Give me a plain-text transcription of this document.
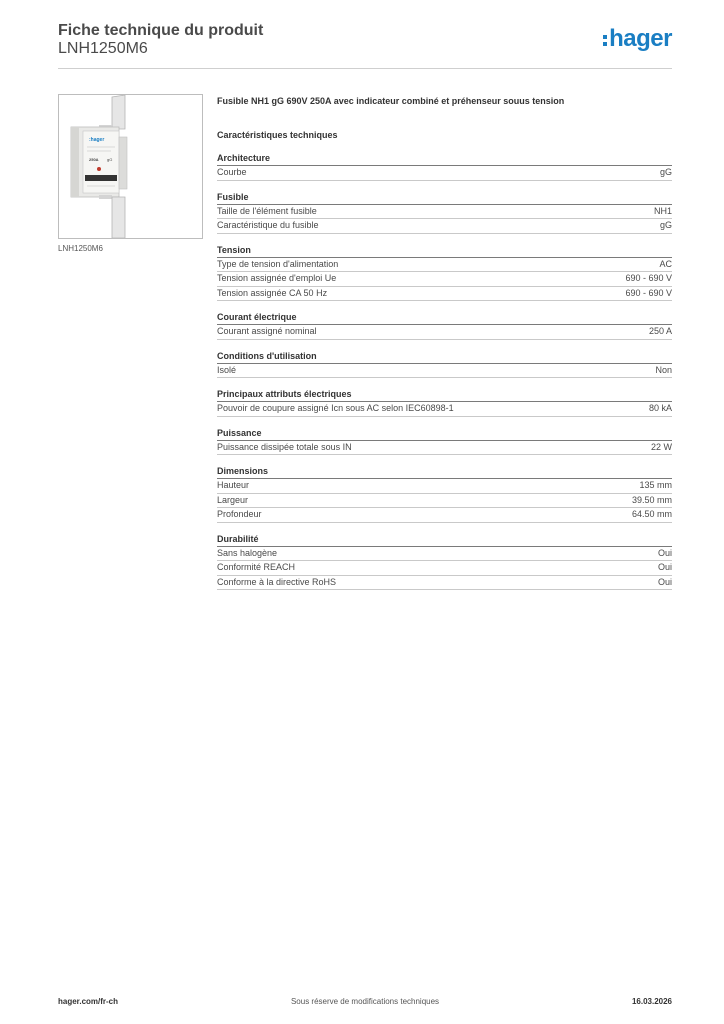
Fiche technique du produit
LNH1250M6	hager
:hager
250A gG
LNH1250M6
Fusible NH1 gG 690V 250A avec indicateur combiné et préhenseur souus tension
Caractéristiques techniques
Architecture
Courbe	gG
Fusible
Taille de l'élément fusible	NH1
Caractéristique du fusible	gG
Tension
Type de tension d'alimentation	AC
Tension assignée d'emploi Ue	690 - 690 V
Tension assignée CA 50 Hz	690 - 690 V
Courant électrique
Courant assigné nominal	250 A
Conditions d'utilisation
Isolé	Non
Principaux attributs électriques
Pouvoir de coupure assigné Icn sous AC selon IEC60898-1	80 kA
Puissance
Puissance dissipée totale sous IN	22 W
Dimensions
Hauteur	135 mm
Largeur	39.50 mm
Profondeur	64.50 mm
Durabilité
Sans halogène	Oui
Conformité REACH	Oui
Conforme à la directive RoHS	Oui
hager.com/fr-ch	Sous réserve de modifications techniques	16.03.2026
